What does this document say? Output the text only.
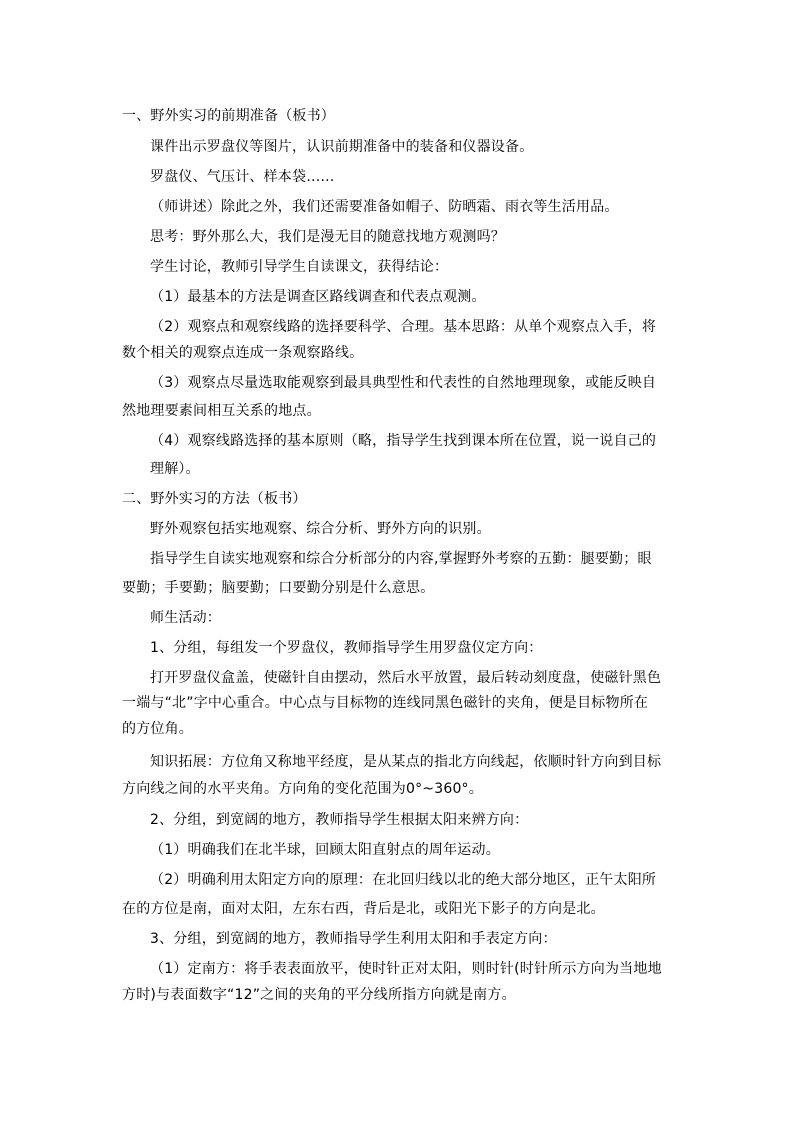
一、野外实习的前期准备（板书）
课件出示罗盘仪等图片，认识前期准备中的装备和仪器设备。
罗盘仪、气压计、样本袋……
（师讲述）除此之外，我们还需要准备如帽子、防晒霜、雨衣等生活用品。
思考：野外那么大，我们是漫无目的随意找地方观测吗？
学生讨论，教师引导学生自读课文，获得结论：
（1）最基本的方法是调查区路线调查和代表点观测。
（2）观察点和观察线路的选择要科学、合理。基本思路：从单个观察点入手，将
数个相关的观察点连成一条观察路线。
（3）观察点尽量选取能观察到最具典型性和代表性的自然地理现象，或能反映自
然地理要素间相互关系的地点。
（4）观察线路选择的基本原则（略，指导学生找到课本所在位置，说一说自己的
理解）。
二、野外实习的方法（板书）
野外观察包括实地观察、综合分析、野外方向的识别。
指导学生自读实地观察和综合分析部分的内容,掌握野外考察的五勤：腿要勤；眼
要勤；手要勤；脑要勤；口要勤分别是什么意思。
师生活动：
1、分组，每组发一个罗盘仪，教师指导学生用罗盘仪定方向：
打开罗盘仪盒盖，使磁针自由摆动，然后水平放置，最后转动刻度盘，使磁针黑色
一端与“北”字中心重合。中心点与目标物的连线同黑色磁针的夹角，便是目标物所在
的方位角。
知识拓展：方位角又称地平经度，是从某点的指北方向线起，依顺时针方向到目标
方向线之间的水平夹角。方向角的变化范围为0°~360°。
2、分组，到宽阔的地方，教师指导学生根据太阳来辨方向：
（1）明确我们在北半球，回顾太阳直射点的周年运动。
（2）明确利用太阳定方向的原理：在北回归线以北的绝大部分地区，正午太阳所
在的方位是南，面对太阳，左东右西，背后是北，或阳光下影子的方向是北。
3、分组，到宽阔的地方，教师指导学生利用太阳和手表定方向：
（1）定南方：将手表表面放平，使时针正对太阳，则时针(时针所示方向为当地地
方时)与表面数字“12”之间的夹角的平分线所指方向就是南方。
